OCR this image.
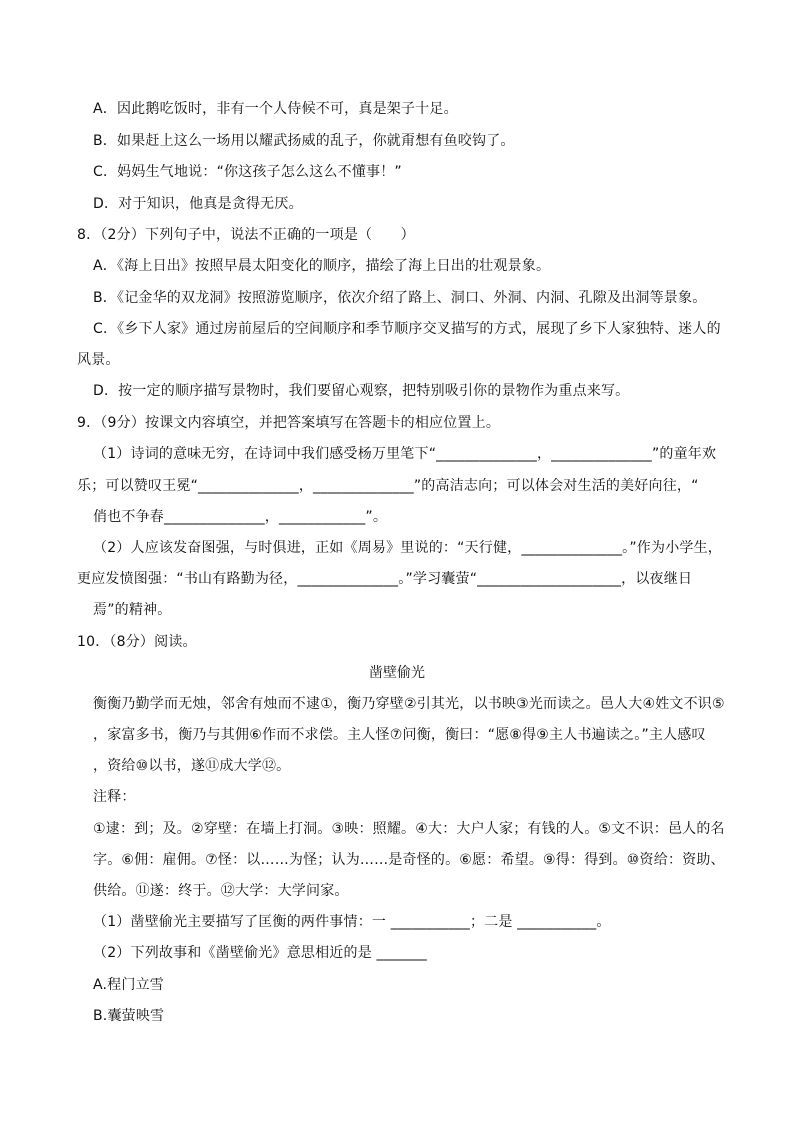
A．因此鹅吃饭时，非有一个人侍候不可，真是架子十足。
B．如果赶上这么一场用以耀武扬威的乱子，你就甭想有鱼咬钩了。
C．妈妈生气地说：“你这孩子怎么这么不懂事！”
D．对于知识，他真是贪得无厌。
8．（2分）下列句子中，说法不正确的一项是（　　）
A．《海上日出》按照早晨太阳变化的顺序，描绘了海上日出的壮观景象。
B．《记金华的双龙洞》按照游览顺序，依次介绍了路上、洞口、外洞、内洞、孔隙及出洞等景象。
C．《乡下人家》通过房前屋后的空间顺序和季节顺序交叉描写的方式，展现了乡下人家独特、迷人的
风景。
D．按一定的顺序描写景物时，我们要留心观察，把特别吸引你的景物作为重点来写。
9．（9分）按课文内容填空，并把答案填写在答题卡的相应位置上。
（1）诗词的意味无穷，在诗词中我们感受杨万里笔下“______________，______________”的童年欢
乐；可以赞叹王冕“______________，______________”的高洁志向；可以体会对生活的美好向往，“
俏也不争春______________，____________”。
（2）人应该发奋图强，与时俱进，正如《周易》里说的：“天行健，______________。”作为小学生，
更应发愤图强：“书山有路勤为径，______________。”学习囊萤“____________________，以夜继日
焉”的精神。
10．（8分）阅读。
凿壁偷光
衡衡乃勤学而无烛，邻舍有烛而不逮①，衡乃穿壁②引其光，以书映③光而读之。邑人大④姓文不识⑤
，家富多书，衡乃与其佣⑥作而不求偿。主人怪⑦问衡，衡曰：“愿⑧得⑨主人书遍读之。”主人感叹
，资给⑩以书，遂⑪成大学⑫。
注释：
①逮：到；及。②穿壁：在墙上打洞。③映：照耀。④大：大户人家；有钱的人。⑤文不识：邑人的名
字。⑥佣：雇佣。⑦怪：以……为怪；认为……是奇怪的。⑥愿：希望。⑨得：得到。⑩资给：资助、
供给。⑪遂：终于。⑫大学：大学问家。
（1）凿壁偷光主要描写了匡衡的两件事情：一 ___________；二是 ___________。
（2）下列故事和《凿壁偷光》意思相近的是 _______
A.程门立雪
B.囊萤映雪
